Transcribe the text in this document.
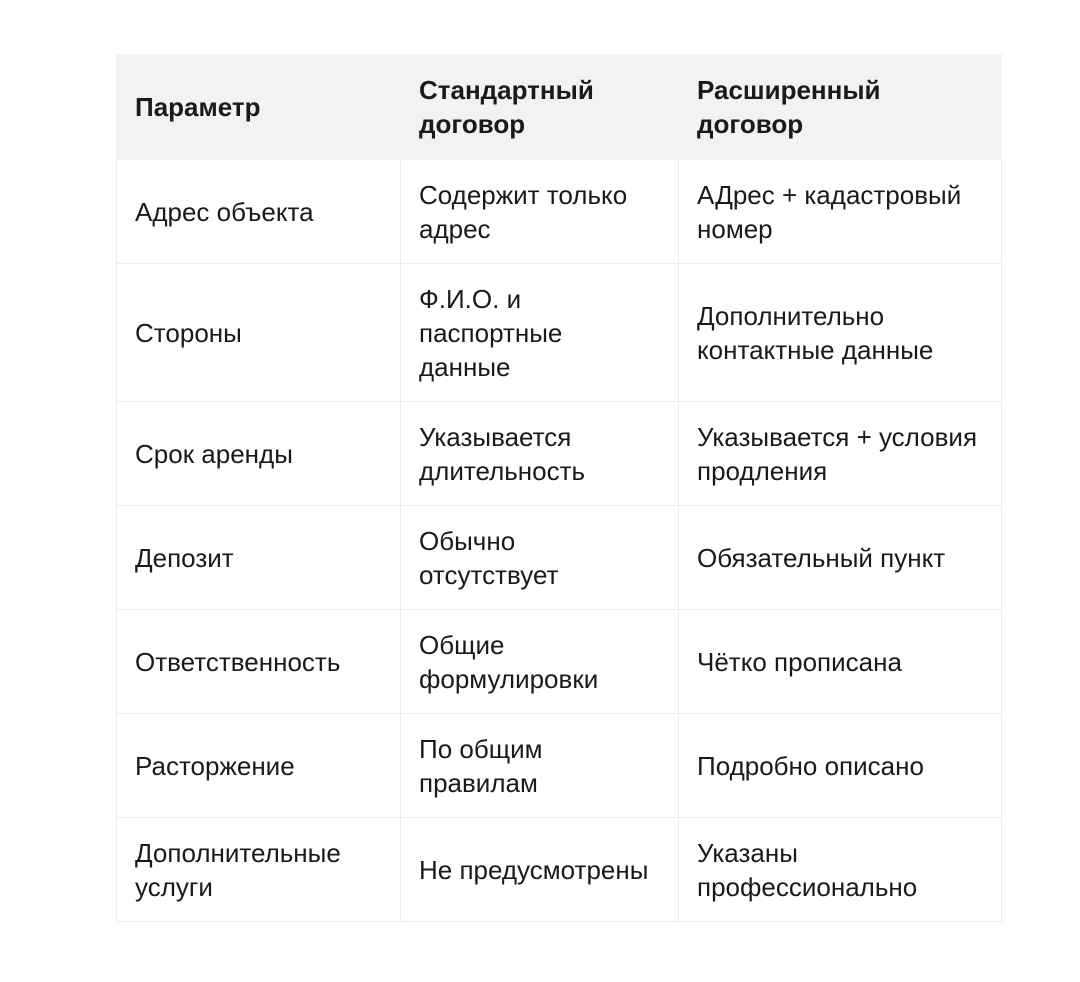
Параметр	Стандартный договор	Расширенный договор
Адрес объекта	Содержит только адрес	АДрес + кадастровый номер
Стороны	Ф.И.О. и паспортные данные	Дополнительно контактные данные
Срок аренды	Указывается длительность	Указывается + условия продления
Депозит	Обычно отсутствует	Обязательный пункт
Ответственность	Общие формулировки	Чётко прописана
Расторжение	По общим правилам	Подробно описано
Дополнительные услуги	Не предусмотрены	Указаны профессионально
